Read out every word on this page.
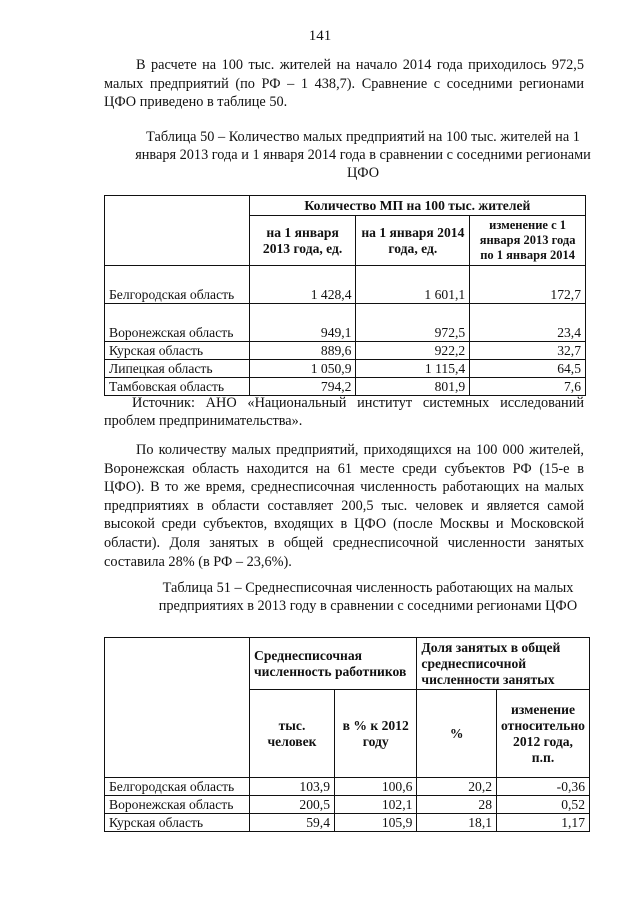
141

В расчете на 100 тыс. жителей на начало 2014 года приходилось 972,5 малых предприятий (по РФ – 1 438,7). Сравнение с соседними регионами ЦФО приведено в таблице 50.

Таблица 50 – Количество малых предприятий на 100 тыс. жителей на 1 января 2013 года и 1 января 2014 года в сравнении с соседними регионами ЦФО

	Количество МП на 100 тыс. жителей		
	на 1 января 2013 года, ед.	на 1 января 2014 года, ед.	изменение с 1 января 2013 года по 1 января 2014
Белгородская область	1 428,4	1 601,1	172,7
Воронежская область	949,1	972,5	23,4
Курская область	889,6	922,2	32,7
Липецкая область	1 050,9	1 115,4	64,5
Тамбовская область	794,2	801,9	7,6

Источник: АНО «Национальный институт системных исследований проблем предпринимательства».

По количеству малых предприятий, приходящихся на 100 000 жителей, Воронежская область находится на 61 месте среди субъектов РФ (15-е в ЦФО). В то же время, среднесписочная численность работающих на малых предприятиях в области составляет 200,5 тыс. человек и является самой высокой среди субъектов, входящих в ЦФО (после Москвы и Московской области). Доля занятых в общей среднесписочной численности занятых составила 28% (в РФ – 23,6%).

Таблица 51 – Среднесписочная численность работающих на малых предприятиях в 2013 году в сравнении с соседними регионами ЦФО

	Среднесписочная численность работников		Доля занятых в общей среднесписочной численности занятых	
	тыс. человек	в % к 2012 году	%	изменение относительно 2012 года, п.п.
Белгородская область	103,9	100,6	20,2	-0,36
Воронежская область	200,5	102,1	28	0,52
Курская область	59,4	105,9	18,1	1,17
